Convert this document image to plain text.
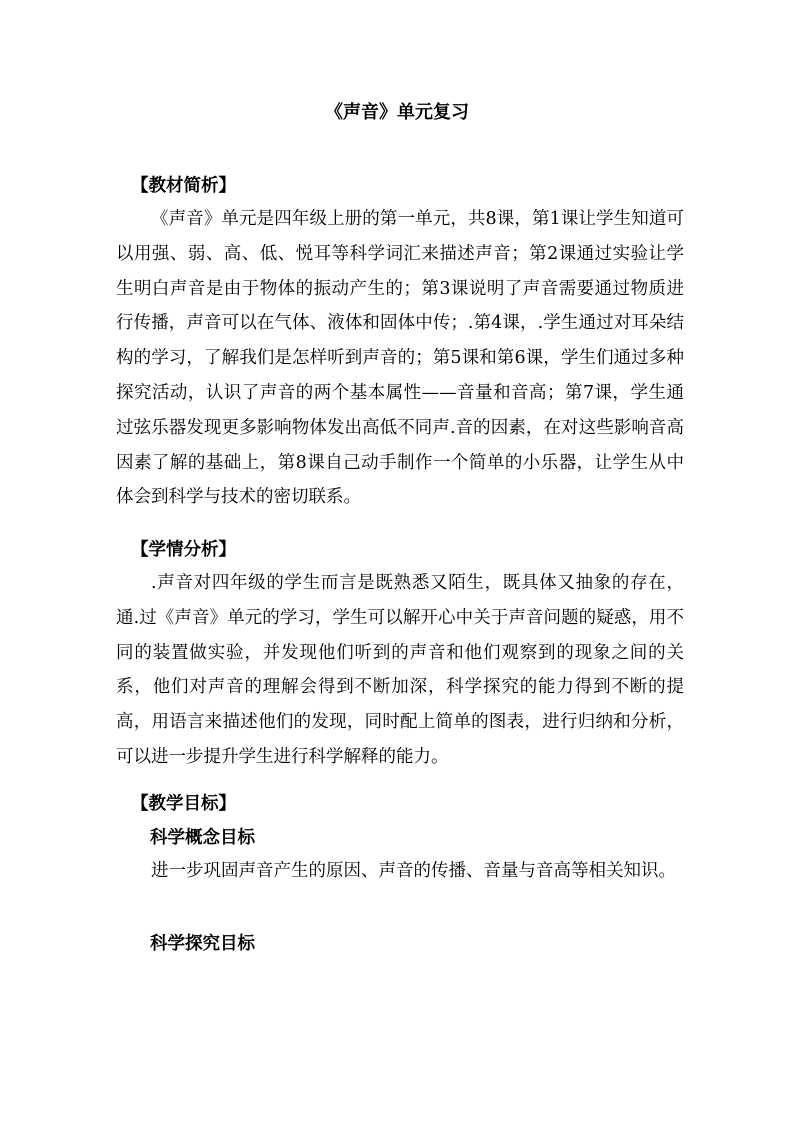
《声音》单元复习
【教材简析】

《声音》单元是四年级上册的第一单元，共8课，第1课让学生知道可以用强、弱、高、低、悦耳等科学词汇来描述声音；第2课通过实验让学生明白声音是由于物体的振动产生的；第3课说明了声音需要通过物质进行传播，声音可以在气体、液体和固体中传；.第4课，.学生通过对耳朵结构的学习，了解我们是怎样听到声音的；第5课和第6课，学生们通过多种探究活动，认识了声音的两个基本属性——音量和音高；第7课，学生通过弦乐器发现更多影响物体发出高低不同声.音的因素，在对这些影响音高因素了解的基础上，第8课自己动手制作一个简单的小乐器，让学生从中体会到科学与技术的密切联系。

【学情分析】

.声音对四年级的学生而言是既熟悉又陌生，既具体又抽象的存在，通.过《声音》单元的学习，学生可以解开心中关于声音问题的疑惑，用不同的装置做实验，并发现他们听到的声音和他们观察到的现象之间的关系，他们对声音的理解会得到不断加深，科学探究的能力得到不断的提高，用语言来描述他们的发现，同时配上简单的图表，进行归纳和分析，可以进一步提升学生进行科学解释的能力。

【教学目标】
科学概念目标

进一步巩固声音产生的原因、声音的传播、音量与音高等相关知识。

科学探究目标
